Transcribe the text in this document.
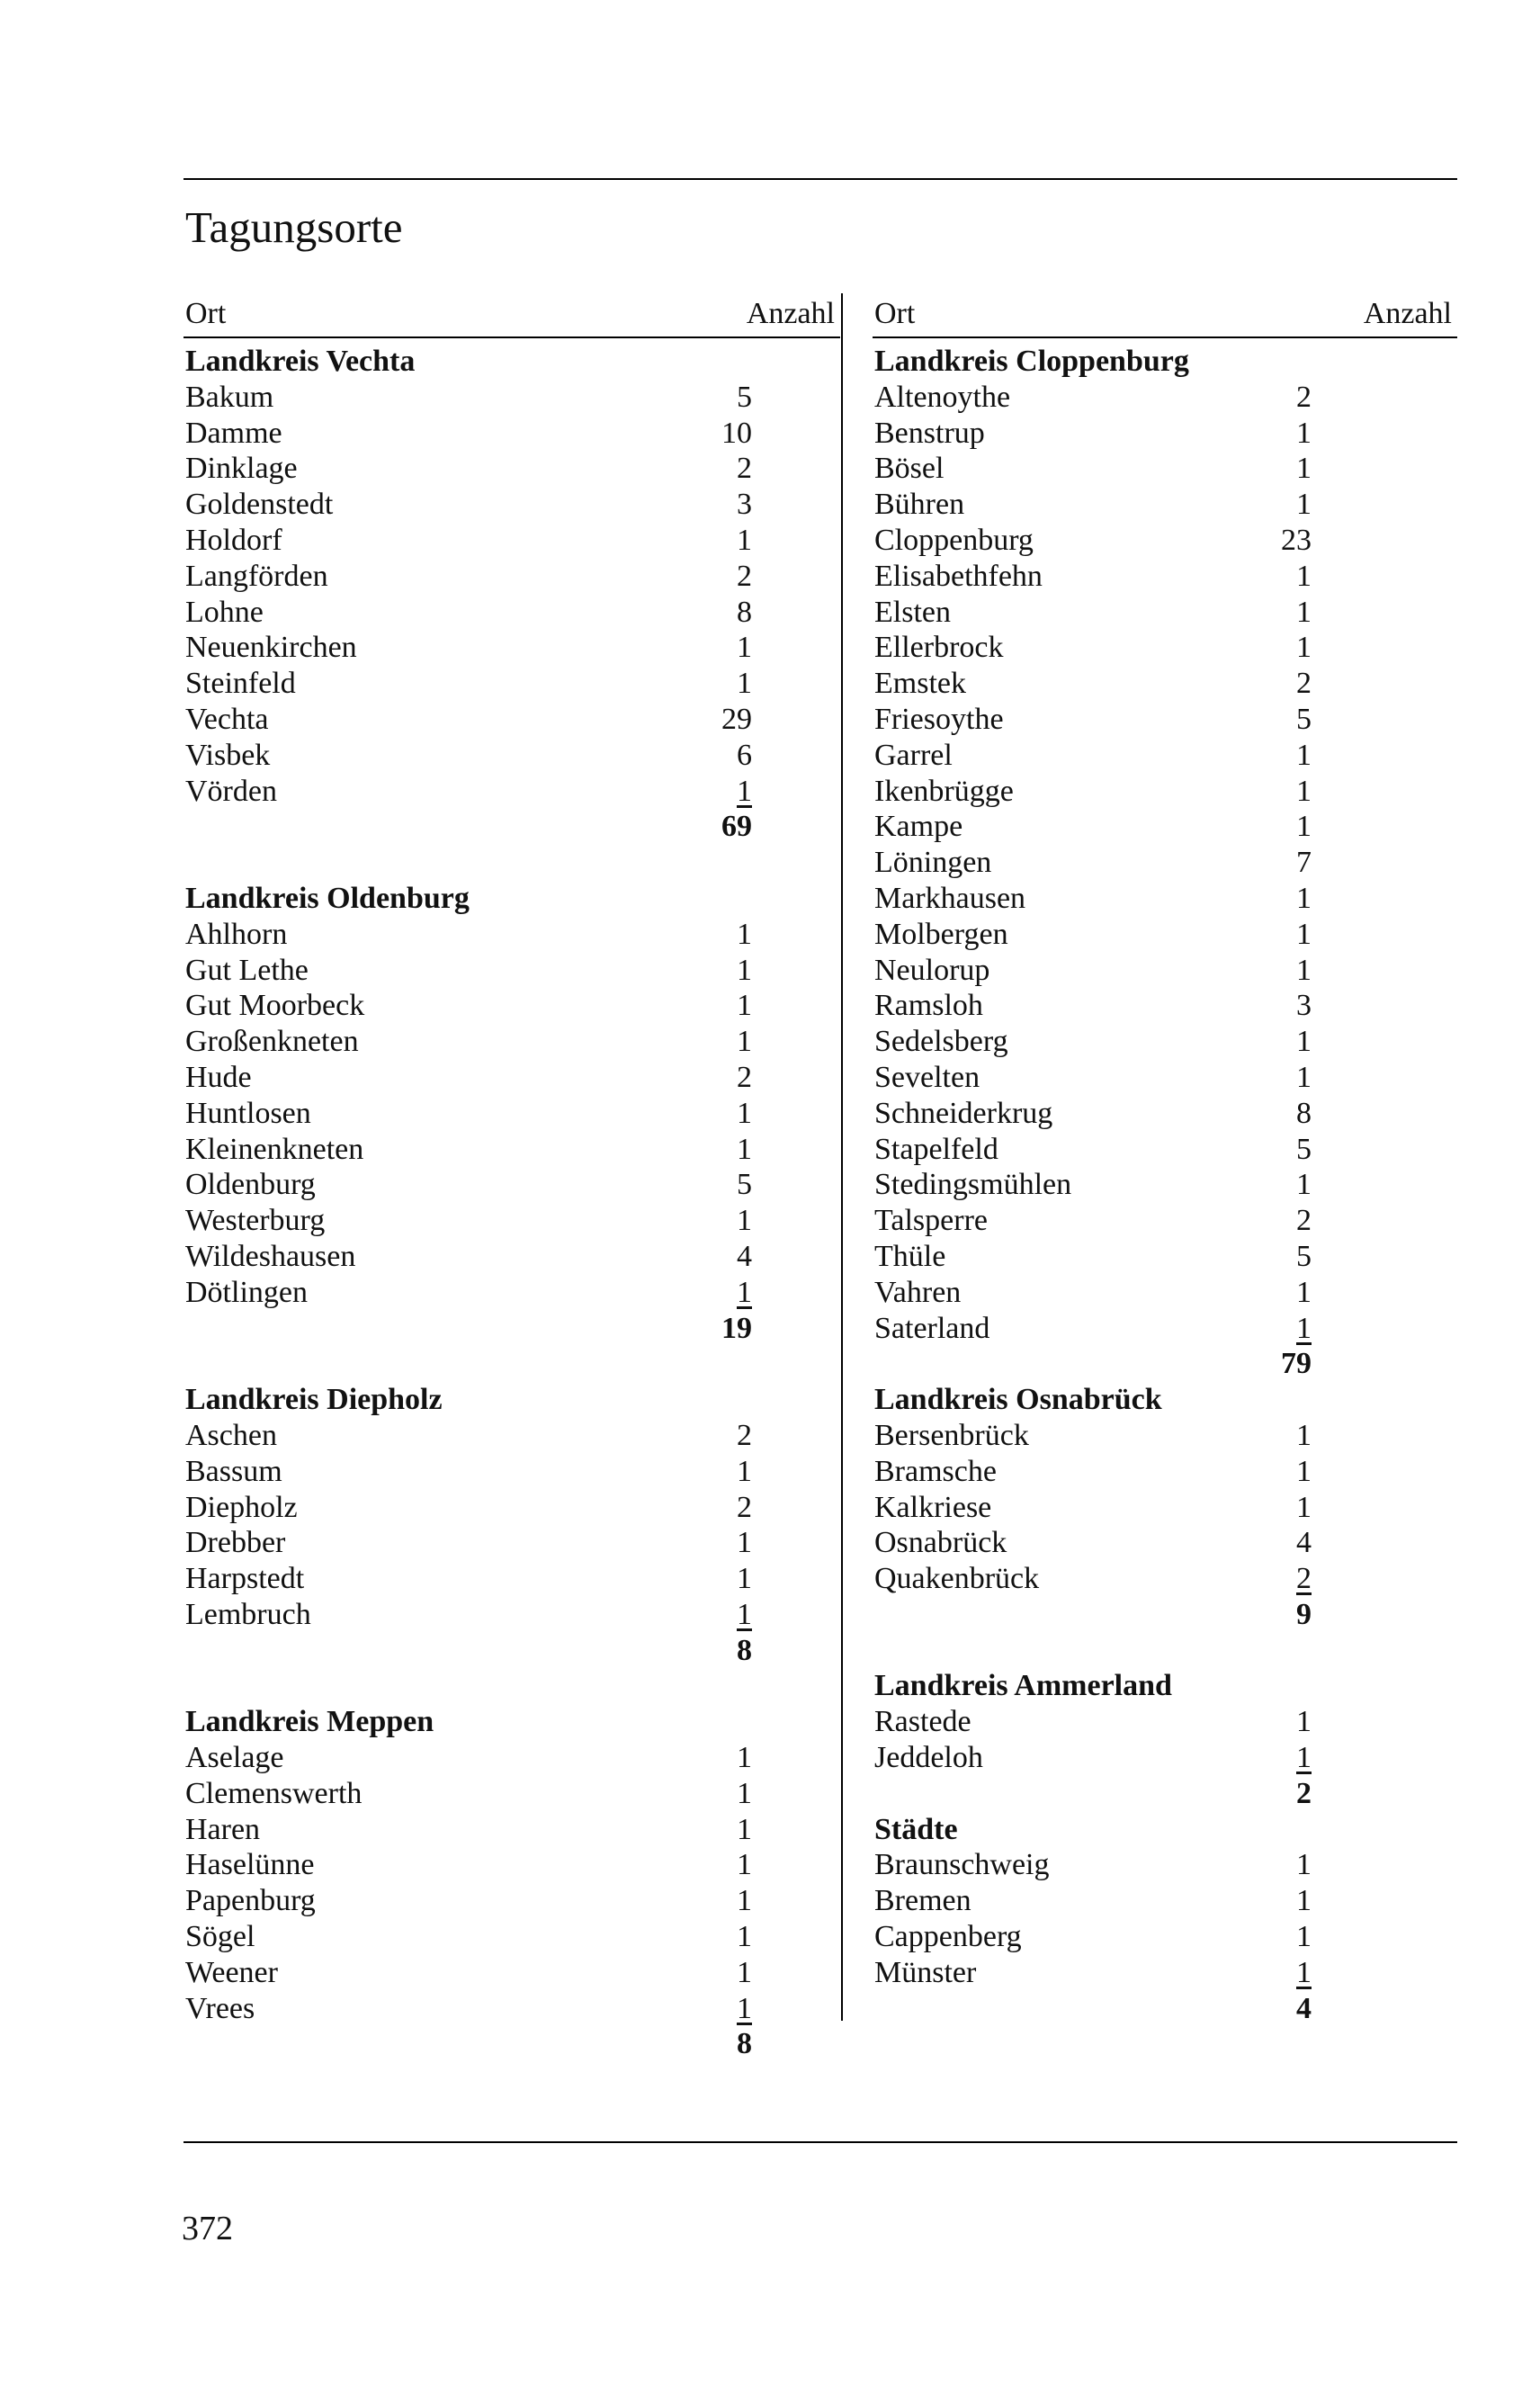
Tagungsorte
Ort	Anzahl
Landkreis Vechta
Bakum	5
Damme	10
Dinklage	2
Goldenstedt	3
Holdorf	1
Langförden	2
Lohne	8
Neuenkirchen	1
Steinfeld	1
Vechta	29
Visbek	6
Vörden	1
69
Landkreis Oldenburg
Ahlhorn	1
Gut Lethe	1
Gut Moorbeck	1
Großenkneten	1
Hude	2
Huntlosen	1
Kleinenkneten	1
Oldenburg	5
Westerburg	1
Wildeshausen	4
Dötlingen	1
19
Landkreis Diepholz
Aschen	2
Bassum	1
Diepholz	2
Drebber	1
Harpstedt	1
Lembruch	1
8
Landkreis Meppen
Aselage	1
Clemenswerth	1
Haren	1
Haselünne	1
Papenburg	1
Sögel	1
Weener	1
Vrees	1
8
Ort	Anzahl
Landkreis Cloppenburg
Altenoythe	2
Benstrup	1
Bösel	1
Bühren	1
Cloppenburg	23
Elisabethfehn	1
Elsten	1
Ellerbrock	1
Emstek	2
Friesoythe	5
Garrel	1
Ikenbrügge	1
Kampe	1
Löningen	7
Markhausen	1
Molbergen	1
Neulorup	1
Ramsloh	3
Sedelsberg	1
Sevelten	1
Schneiderkrug	8
Stapelfeld	5
Stedingsmühlen	1
Talsperre	2
Thüle	5
Vahren	1
Saterland	1
79
Landkreis Osnabrück
Bersenbrück	1
Bramsche	1
Kalkriese	1
Osnabrück	4
Quakenbrück	2
9
Landkreis Ammerland
Rastede	1
Jeddeloh	1
2
Städte
Braunschweig	1
Bremen	1
Cappenberg	1
Münster	1
4
372
